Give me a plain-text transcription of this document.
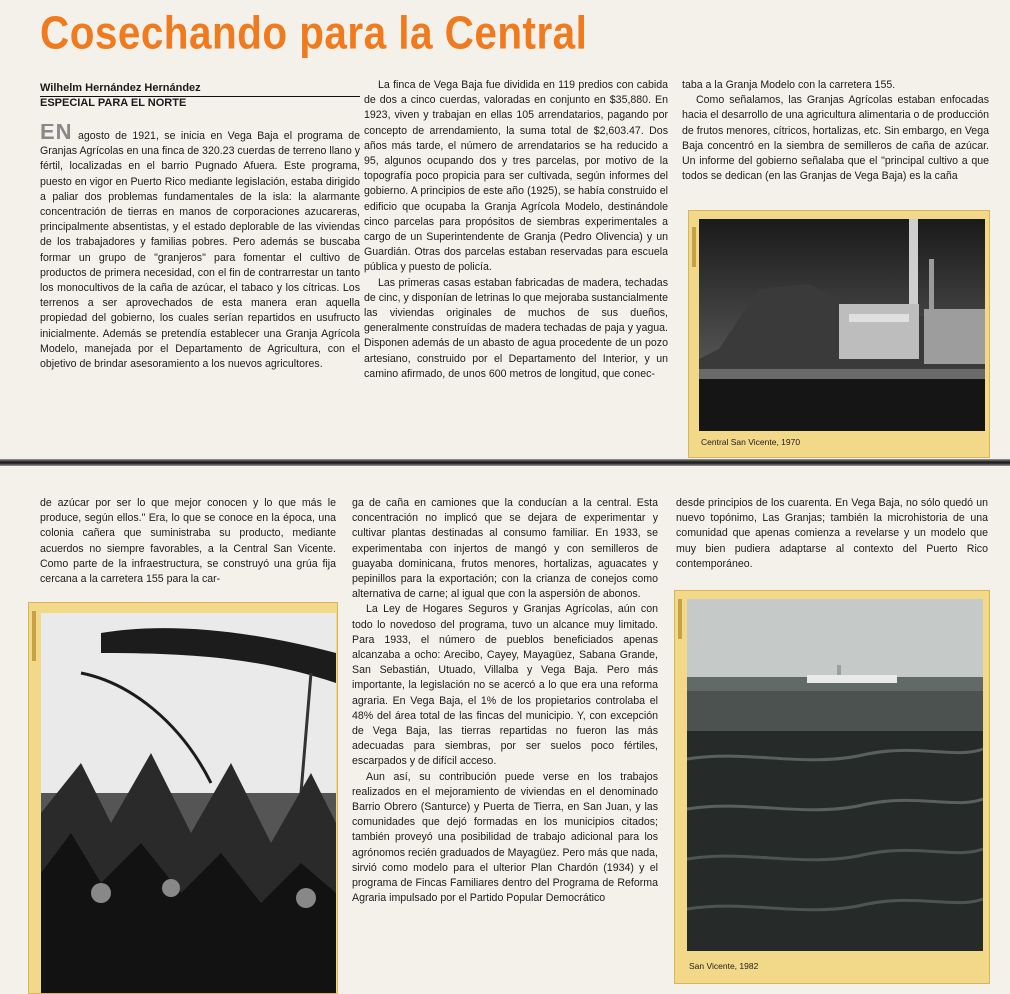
Cosechando para la Central
Wilhelm Hernández Hernández
ESPECIAL PARA EL NORTE

EN agosto de 1921, se inicia en Vega Baja el programa de Granjas Agrícolas en una finca de 320.23 cuerdas de terreno llano y fértil, localizadas en el barrio Pugnado Afuera. Este programa, puesto en vigor en Puerto Rico mediante legislación, estaba dirigido a paliar dos problemas fundamentales de la isla: la alarmante concentración de tierras en manos de corporaciones azucareras, principalmente absentistas, y el estado deplorable de las viviendas de los trabajadores y familias pobres. Pero además se buscaba formar un grupo de "granjeros" para fomentar el cultivo de productos de primera necesidad, con el fin de contrarrestar un tanto los monocultivos de la caña de azúcar, el tabaco y los cítricas. Los terrenos a ser aprovechados de esta manera eran aquella propiedad del gobierno, los cuales serían repartidos en usufructo inicialmente. Además se pretendía establecer una Granja Agrícola Modelo, manejada por el Departamento de Agricultura, con el objetivo de brindar asesoramiento a los nuevos agricultores.

La finca de Vega Baja fue dividida en 119 predios con cabida de dos a cinco cuerdas, valoradas en conjunto en $35,880. En 1923, viven y trabajan en ellas 105 arrendatarios, pagando por concepto de arrendamiento, la suma total de $2,603.47. Dos años más tarde, el número de arrendatarios se ha reducido a 95, algunos ocupando dos y tres parcelas, por motivo de la topografía poco propicia para ser cultivada, según informes del gobierno. A principios de este año (1925), se había construido el edificio que ocupaba la Granja Agrícola Modelo, destinándole cinco parcelas para propósitos de siembras experimentales a cargo de un Superintendente de Granja (Pedro Olivencia) y un Guardián. Otras dos parcelas estaban reservadas para escuela pública y puesto de policía.

Las primeras casas estaban fabricadas de madera, techadas de cinc, y disponían de letrinas lo que mejoraba sustancialmente las viviendas originales de muchos de sus dueños, generalmente construídas de madera techadas de paja y yagua. Disponen además de un abasto de agua procedente de un pozo artesiano, construido por el Departamento del Interior, y un camino afirmado, de unos 600 metros de longitud, que conec-

taba a la Granja Modelo con la carretera 155.

Como señalamos, las Granjas Agrícolas estaban enfocadas hacia el desarrollo de una agricultura alimentaria o de producción de frutos menores, cítricos, hortalizas, etc. Sin embargo, en Vega Baja concentró en la siembra de semilleros de caña de azúcar. Un informe del gobierno señalaba que el "principal cultivo a que todos se dedican (en las Granjas de Vega Baja) es la caña

Central San Vicente, 1970

de azúcar por ser lo que mejor conocen y lo que más le produce, según ellos." Era, lo que se conoce en la época, una colonia cañera que suministraba su producto, mediante acuerdos no siempre favorables, a la Central San Vicente. Como parte de la infraestructura, se construyó una grúa fija cercana a la carretera 155 para la car-

ga de caña en camiones que la conducían a la central. Esta concentración no implicó que se dejara de experimentar y cultivar plantas destinadas al consumo familiar. En 1933, se experimentaba con injertos de mangó y con semilleros de guayaba dominicana, frutos menores, hortalizas, aguacates y pepinillos para la exportación; con la crianza de conejos como alternativa de carne; al igual que con la aspersión de abonos.

La Ley de Hogares Seguros y Granjas Agrícolas, aún con todo lo novedoso del programa, tuvo un alcance muy limitado. Para 1933, el número de pueblos beneficiados apenas alcanzaba a ocho: Arecibo, Cayey, Mayagüez, Sabana Grande, San Sebastián, Utuado, Villalba y Vega Baja. Pero más importante, la legislación no se acercó a lo que era una reforma agraria. En Vega Baja, el 1% de los propietarios controlaba el 48% del área total de las fincas del municipio. Y, con excepción de Vega Baja, las tierras repartidas no fueron las más adecuadas para siembras, por ser suelos poco fértiles, escarpados y de difícil acceso.

Aun así, su contribución puede verse en los trabajos realizados en el mejoramiento de viviendas en el denominado Barrio Obrero (Santurce) y Puerta de Tierra, en San Juan, y las comunidades que dejó formadas en los municipios citados; también proveyó una posibilidad de trabajo adicional para los agrónomos recién graduados de Mayagüez. Pero más que nada, sirvió como modelo para el ulterior Plan Chardón (1934) y el programa de Fincas Familiares dentro del Programa de Reforma Agraria impulsado por el Partido Popular Democrático

desde principios de los cuarenta. En Vega Baja, no sólo quedó un nuevo topónimo, Las Granjas; también la microhistoria de una comunidad que apenas comienza a revelarse y un modelo que muy bien pudiera adaptarse al contexto del Puerto Rico contemporáneo.

San Vicente, 1982
